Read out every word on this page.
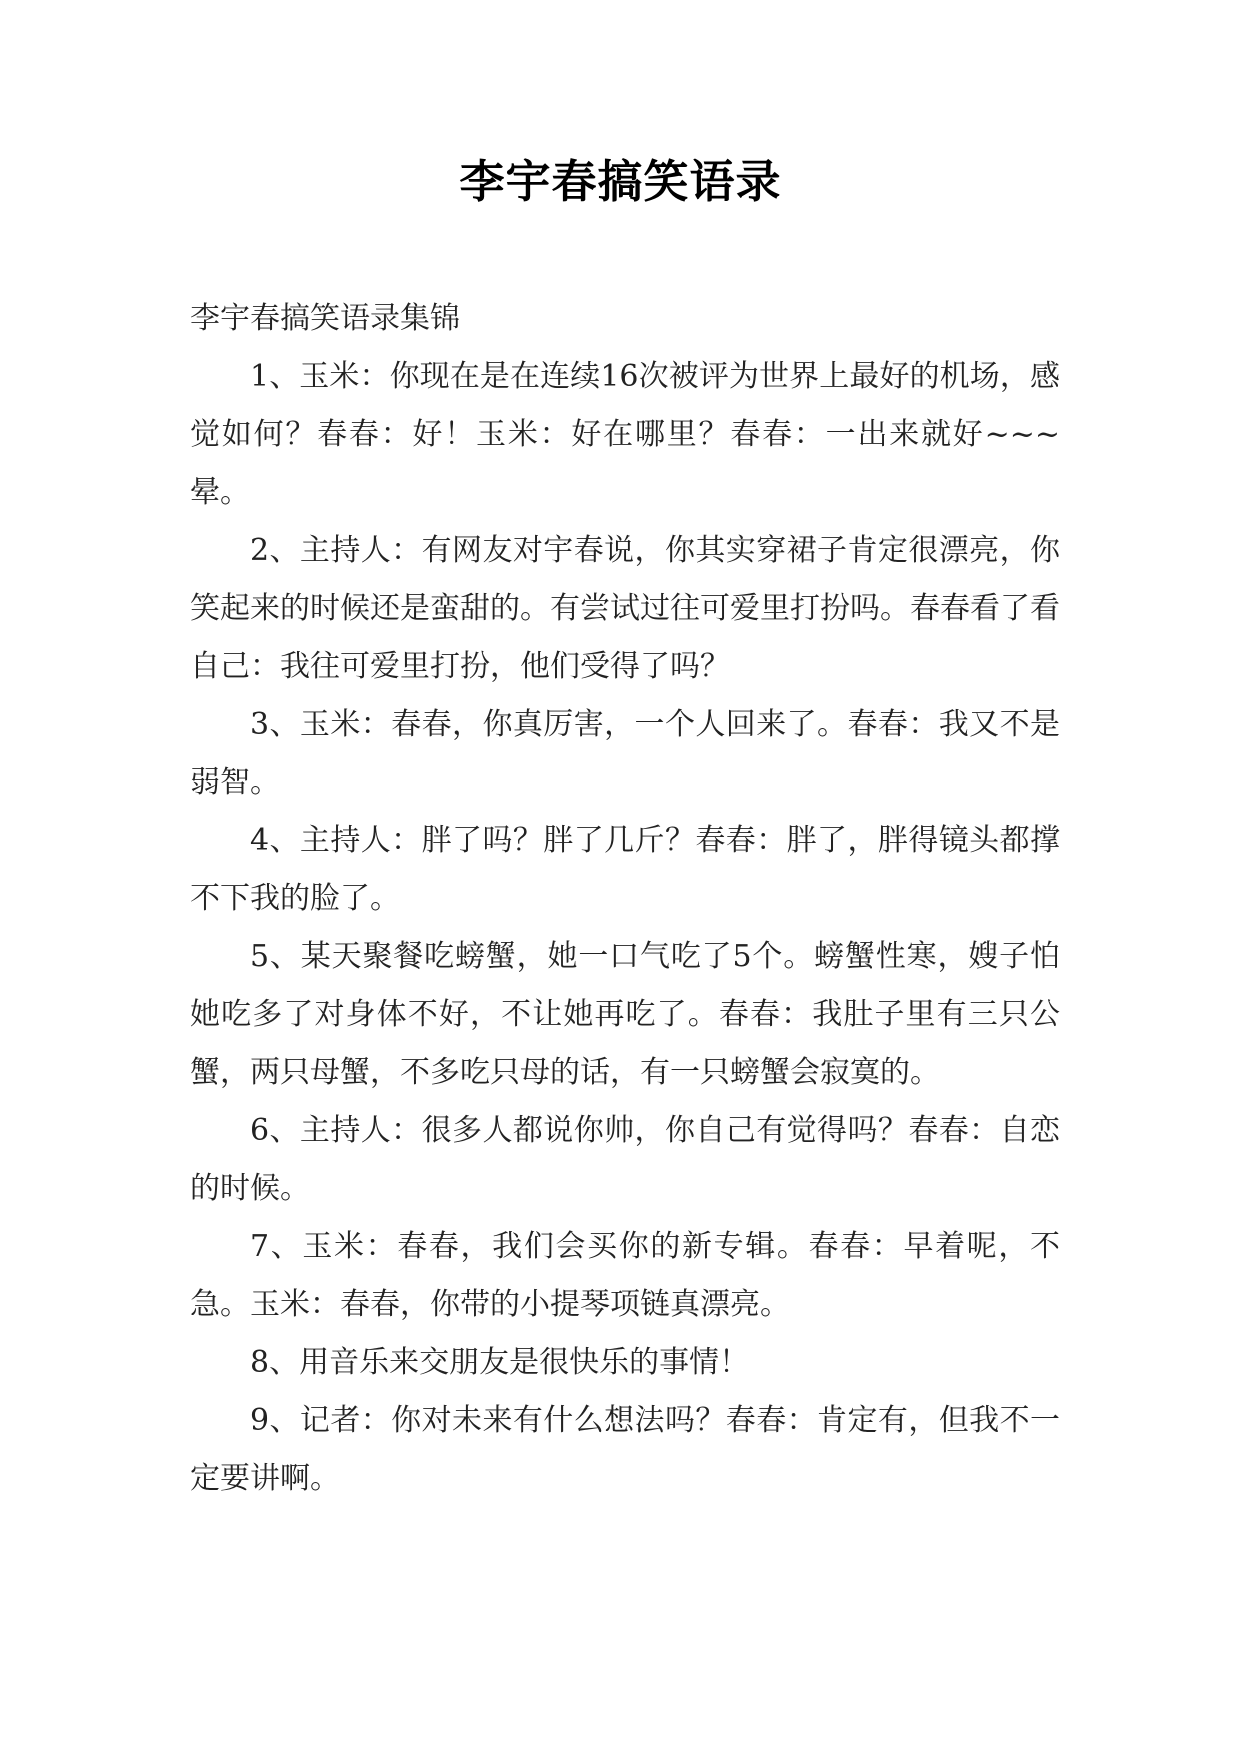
李宇春搞笑语录

李宇春搞笑语录集锦

1、玉米：你现在是在连续16次被评为世界上最好的机场，感觉如何？春春：好！玉米：好在哪里？春春：一出来就好~~~晕。

2、主持人：有网友对宇春说，你其实穿裙子肯定很漂亮，你笑起来的时候还是蛮甜的。有尝试过往可爱里打扮吗。春春看了看自己：我往可爱里打扮，他们受得了吗？

3、玉米：春春，你真厉害，一个人回来了。春春：我又不是弱智。

4、主持人：胖了吗？胖了几斤？春春：胖了，胖得镜头都撑不下我的脸了。

5、某天聚餐吃螃蟹，她一口气吃了5个。螃蟹性寒，嫂子怕她吃多了对身体不好，不让她再吃了。春春：我肚子里有三只公蟹，两只母蟹，不多吃只母的话，有一只螃蟹会寂寞的。

6、主持人：很多人都说你帅，你自己有觉得吗？春春：自恋的时候。

7、玉米：春春，我们会买你的新专辑。春春：早着呢，不急。玉米：春春，你带的小提琴项链真漂亮。

8、用音乐来交朋友是很快乐的事情！

9、记者：你对未来有什么想法吗？春春：肯定有，但我不一定要讲啊。
